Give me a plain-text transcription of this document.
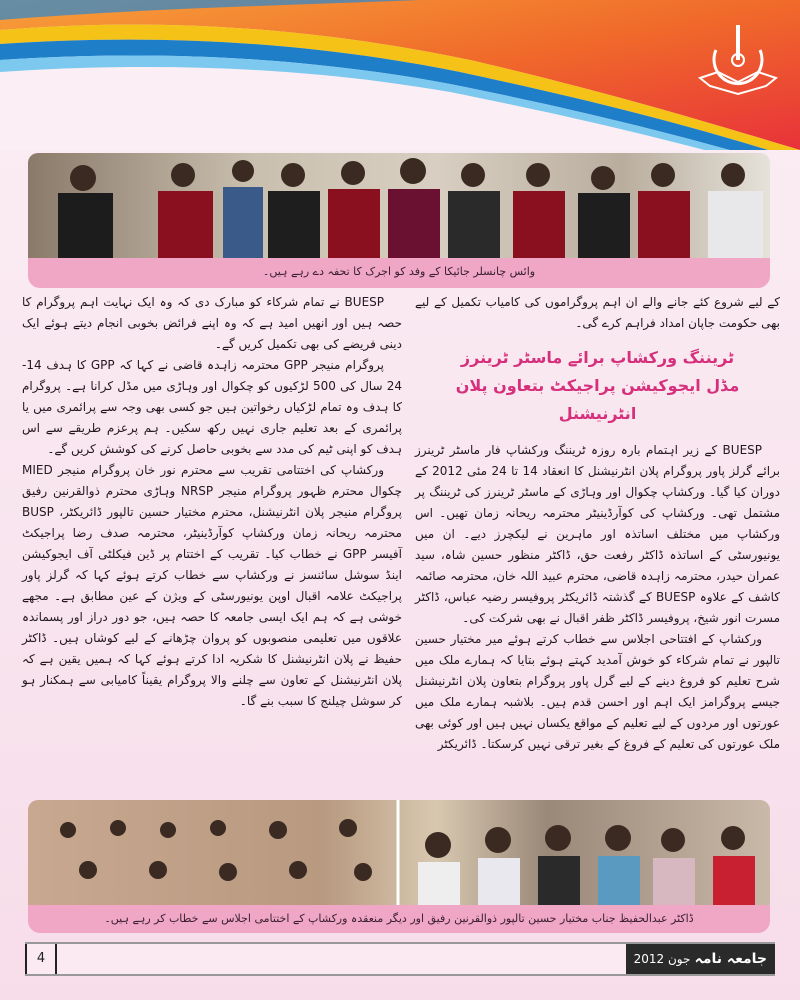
وائس چانسلر جائیکا کے وفد کو اجرک کا تحفہ دے رہے ہیں۔

کے لیے شروع کئے جانے والے ان اہم پروگراموں کی کامیاب تکمیل کے لیے بھی حکومت جاپان امداد فراہم کرے گی۔

ٹریننگ ورکشاپ برائے ماسٹر ٹرینرز
مڈل ایجوکیشن پراجیکٹ بتعاون پلان انٹرنیشنل

BUESP کے زیر اہتمام بارہ روزہ ٹریننگ ورکشاپ فار ماسٹر ٹرینرز برائے گرلز پاور پروگرام پلان انٹرنیشنل کا انعقاد 14 تا 24 مئی 2012 کے دوران کیا گیا۔ ورکشاپ چکوال اور وہاڑی کے ماسٹر ٹرینرز کی ٹریننگ پر مشتمل تھی۔ ورکشاپ کی کوآرڈینیٹر محترمہ ریحانہ زمان تھیں۔ اس ورکشاپ میں مختلف اساتذہ اور ماہرین نے لیکچرز دیے۔ ان میں یونیورسٹی کے اساتذہ ڈاکٹر رفعت حق، ڈاکٹر منظور حسین شاہ، سید عمران حیدر، محترمہ زاہدہ قاضی، محترم عبید اللہ خان، محترمہ صائمہ کاشف کے علاوہ BUESP کے گذشتہ ڈائریکٹر پروفیسر رضیہ عباس، ڈاکٹر مسرت انور شیخ، پروفیسر ڈاکٹر ظفر اقبال نے بھی شرکت کی۔

ورکشاپ کے افتتاحی اجلاس سے خطاب کرتے ہوئے میر مختیار حسین تالپور نے تمام شرکاء کو خوش آمدید کہتے ہوئے بتایا کہ ہمارے ملک میں شرح تعلیم کو فروغ دینے کے لیے گرل پاور پروگرام بتعاون پلان انٹرنیشنل جیسے پروگرامز ایک اہم اور احسن قدم ہیں۔ بلاشبہ ہمارے ملک میں عورتوں اور مردوں کے لیے تعلیم کے مواقع یکساں نہیں ہیں اور کوئی بھی ملک عورتوں کی تعلیم کے فروغ کے بغیر ترقی نہیں کرسکتا۔ ڈائریکٹر

BUESP نے تمام شرکاء کو مبارک دی کہ وہ ایک نہایت اہم پروگرام کا حصہ ہیں اور انھیں امید ہے کہ وہ اپنے فرائض بخوبی انجام دیتے ہوئے ایک دینی فریضے کی بھی تکمیل کریں گے۔

پروگرام منیجر GPP محترمہ زاہدہ قاضی نے کہا کہ GPP کا ہدف 14-24 سال کی 500 لڑکیوں کو چکوال اور وہاڑی میں مڈل کرانا ہے۔ پروگرام کا ہدف وہ تمام لڑکیاں رخواتین ہیں جو کسی بھی وجہ سے پرائمری میں یا پرائمری کے بعد تعلیم جاری نہیں رکھ سکیں۔ ہم پرعزم طریقے سے اس ہدف کو اپنی ٹیم کی مدد سے بخوبی حاصل کرنے کی کوشش کریں گے۔

ورکشاپ کی اختتامی تقریب سے محترم نور خان پروگرام منیجر MIED چکوال محترم ظہور پروگرام منیجر NRSP وہاڑی محترم ذوالقرنین رفیق پروگرام منیجر پلان انٹرنیشنل، محترم مختیار حسین تالپور ڈائریکٹر، BUSP محترمہ ریحانہ زمان ورکشاپ کوآرڈینیٹر، محترمہ صدف رضا پراجیکٹ آفیسر GPP نے خطاب کیا۔ تقریب کے اختتام پر ڈین فیکلٹی آف ایجوکیشن اینڈ سوشل سائنسز نے ورکشاپ سے خطاب کرتے ہوئے کہا کہ گرلز پاور پراجیکٹ علامہ اقبال اوپن یونیورسٹی کے ویژن کے عین مطابق ہے۔ مجھے خوشی ہے کہ ہم ایک ایسی جامعہ کا حصہ ہیں، جو دور دراز اور پسماندہ علاقوں میں تعلیمی منصوبوں کو پروان چڑھانے کے لیے کوشاں ہیں۔ ڈاکٹر حفیظ نے پلان انٹرنیشنل کا شکریہ ادا کرتے ہوئے کہا کہ ہمیں یقین ہے کہ پلان انٹرنیشنل کے تعاون سے چلنے والا پروگرام یقیناً کامیابی سے ہمکنار ہو کر سوشل چیلنج کا سبب بنے گا۔

ڈاکٹر عبدالحفیظ جناب مختیار حسین تالپور ذوالقرنین رفیق اور دیگر منعقدہ ورکشاپ کے اختتامی اجلاس سے خطاب کر رہے ہیں۔
4	جامعہ نامہ جون 2012
